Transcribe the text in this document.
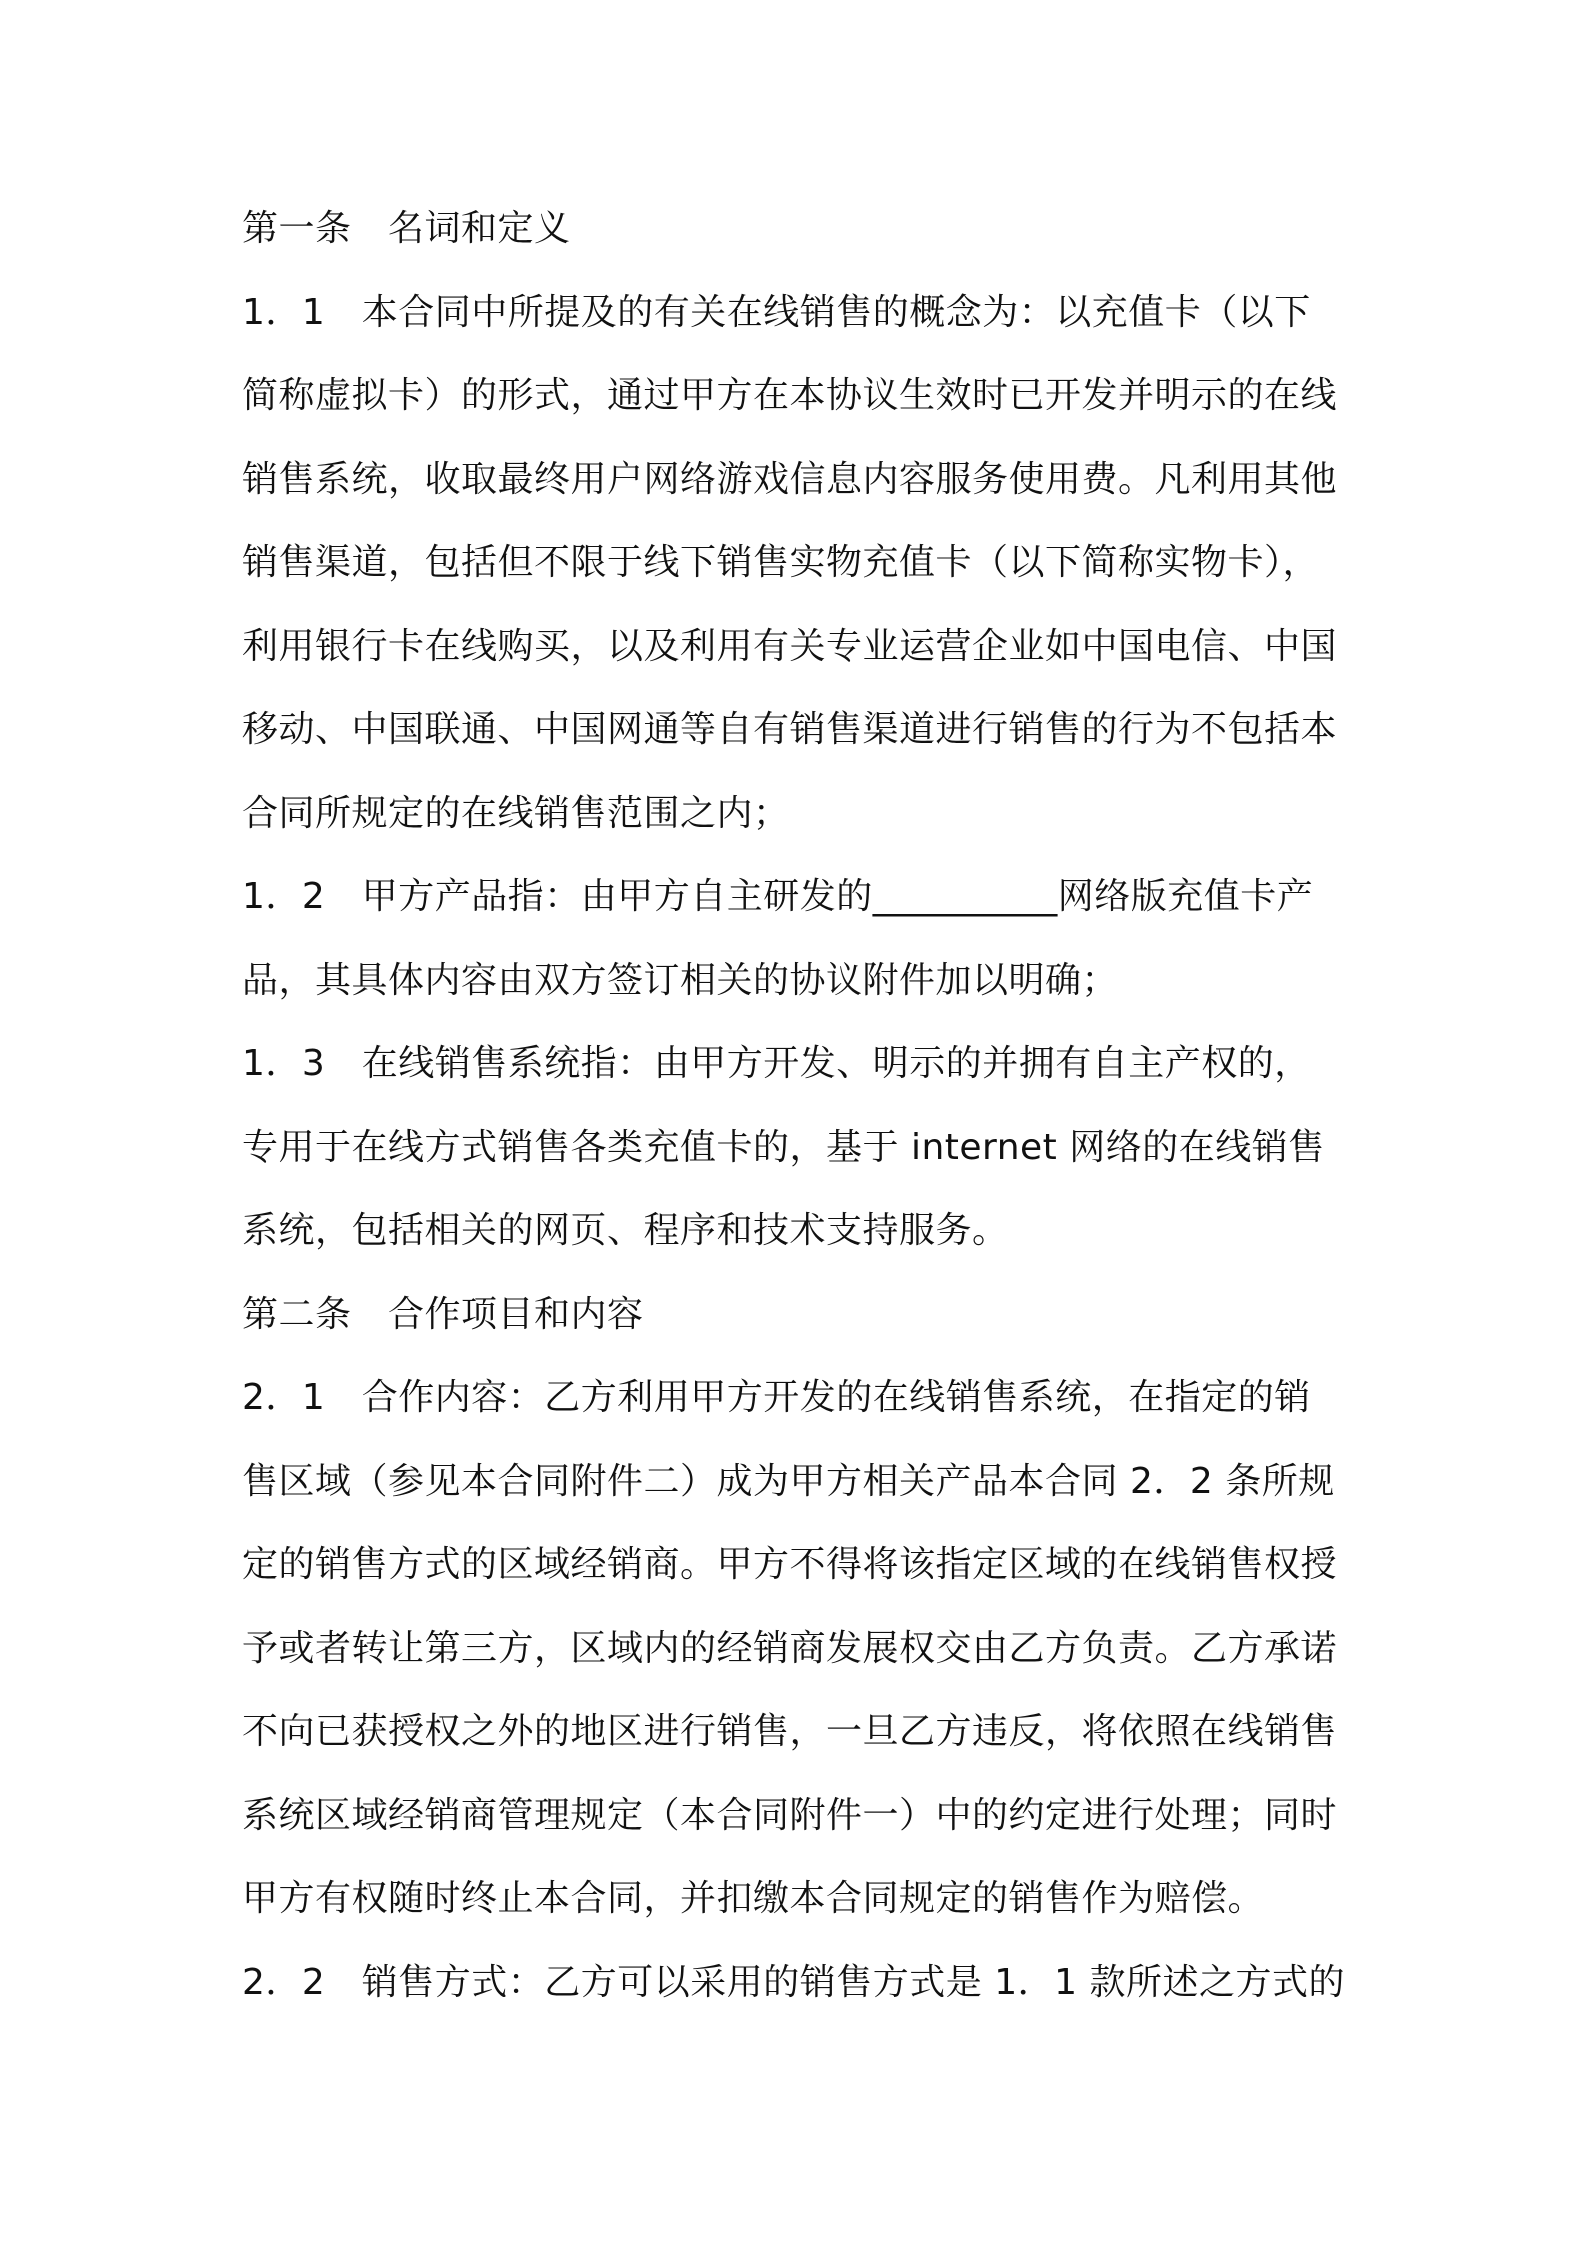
第一条　名词和定义
1．1　本合同中所提及的有关在线销售的概念为：以充值卡（以下
简称虚拟卡）的形式，通过甲方在本协议生效时已开发并明示的在线
销售系统，收取最终用户网络游戏信息内容服务使用费。凡利用其他
销售渠道，包括但不限于线下销售实物充值卡（以下简称实物卡），
利用银行卡在线购买，以及利用有关专业运营企业如中国电信、中国
移动、中国联通、中国网通等自有销售渠道进行销售的行为不包括本
合同所规定的在线销售范围之内；
1．2　甲方产品指：由甲方自主研发的__________网络版充值卡产
品，其具体内容由双方签订相关的协议附件加以明确；
1．3　在线销售系统指：由甲方开发、明示的并拥有自主产权的，
专用于在线方式销售各类充值卡的，基于 internet 网络的在线销售
系统，包括相关的网页、程序和技术支持服务。
第二条　合作项目和内容
2．1　合作内容：乙方利用甲方开发的在线销售系统，在指定的销
售区域（参见本合同附件二）成为甲方相关产品本合同 2．2 条所规
定的销售方式的区域经销商。甲方不得将该指定区域的在线销售权授
予或者转让第三方，区域内的经销商发展权交由乙方负责。乙方承诺
不向已获授权之外的地区进行销售，一旦乙方违反，将依照在线销售
系统区域经销商管理规定（本合同附件一）中的约定进行处理；同时
甲方有权随时终止本合同，并扣缴本合同规定的销售作为赔偿。
2．2　销售方式：乙方可以采用的销售方式是 1．1 款所述之方式的
